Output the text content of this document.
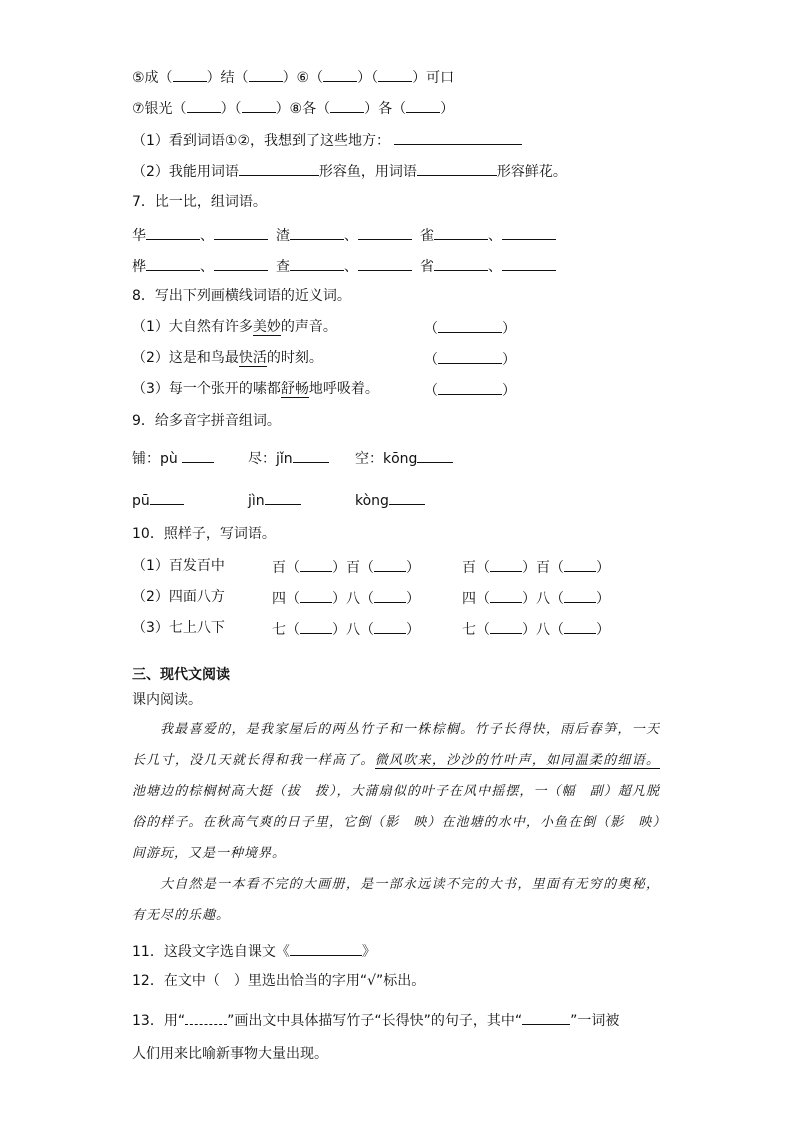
⑤成（ ）结（ ）⑥（ ）（ ）可口
⑦银光（ ）（ ）⑧各（ ）各（ ）
（1）看到词语①②，我想到了这些地方：
（2）我能用词语	形容鱼，用词语	形容鲜花。
7．比一比，组词语。
华	、	渣	、	雀	、
桦	、	查	、	省	、
8．写出下列画横线词语的近义词。
（1）大自然有许多美妙的声音。	（	）
（2）这是和鸟最快活的时刻。	（	）
（3）每一个张开的嗉都舒畅地呼吸着。	（	）
9．给多音字拼音组词。
铺：pù	尽：jǐn	空：kōng
pū	jìn	kòng
10．照样子，写词语。
（1）百发百中	百（ ）百（ ）	百（ ）百（ ）
（2）四面八方	四（ ）八（ ）	四（ ）八（ ）
（3）七上八下	七（ ）八（ ）	七（ ）八（ ）
三、现代文阅读
课内阅读。

我最喜爱的，是我家屋后的两丛竹子和一株棕榈。竹子长得快，雨后春笋，一天长几寸，没几天就长得和我一样高了。微风吹来，沙沙的竹叶声，如同温柔的细语。池塘边的棕榈树高大挺（拔　拨），大蒲扇似的叶子在风中摇摆，一（幅　副）超凡脱俗的样子。在秋高气爽的日子里，它倒（影　映）在池塘的水中，小鱼在倒（影　映）间游玩，又是一种境界。

大自然是一本看不完的大画册，是一部永远读不完的大书，里面有无穷的奥秘，有无尽的乐趣。

11．这段文字选自课文《	》
12．在文中（　）里选出恰当的字用“√”标出。
13．用“	”画出文中具体描写竹子“长得快”的句子，其中“	”一词被
人们用来比喻新事物大量出现。
